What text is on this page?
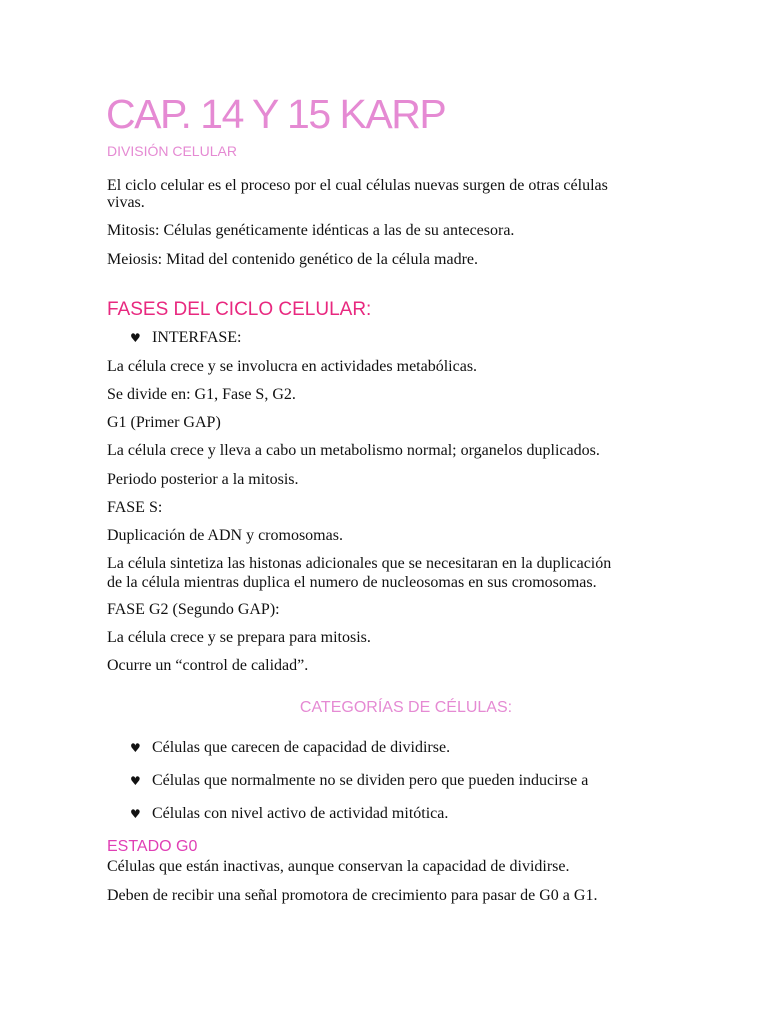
CAP. 14 Y 15 KARP
DIVISIÓN CELULAR
El ciclo celular es el proceso por el cual células nuevas surgen de otras células
vivas.
Mitosis: Células genéticamente idénticas a las de su antecesora.
Meiosis: Mitad del contenido genético de la célula madre.
FASES DEL CICLO CELULAR:
♥ INTERFASE:
La célula crece y se involucra en actividades metabólicas.
Se divide en: G1, Fase S, G2.
G1 (Primer GAP)
La célula crece y lleva a cabo un metabolismo normal; organelos duplicados.
Periodo posterior a la mitosis.
FASE S:
Duplicación de ADN y cromosomas.
La célula sintetiza las histonas adicionales que se necesitaran en la duplicación
de la célula mientras duplica el numero de nucleosomas en sus cromosomas.
FASE G2 (Segundo GAP):
La célula crece y se prepara para mitosis.
Ocurre un “control de calidad”.
CATEGORÍAS DE CÉLULAS:
♥ Células que carecen de capacidad de dividirse.
♥ Células que normalmente no se dividen pero que pueden inducirse a
♥ Células con nivel activo de actividad mitótica.
ESTADO G0
Células que están inactivas, aunque conservan la capacidad de dividirse.
Deben de recibir una señal promotora de crecimiento para pasar de G0 a G1.
